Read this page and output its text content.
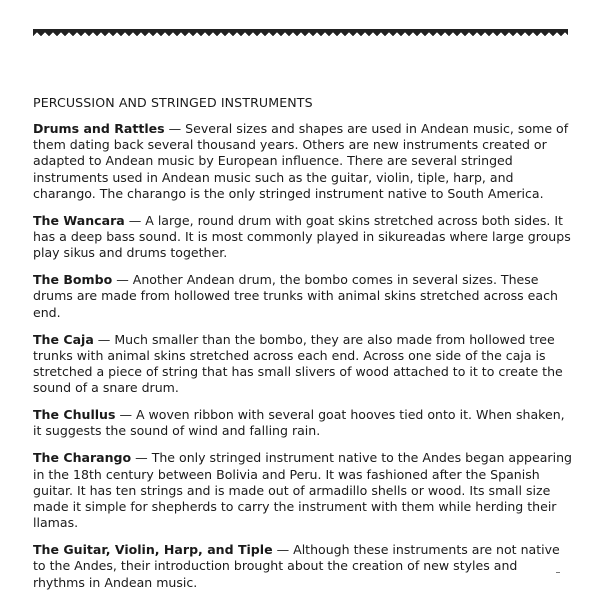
PERCUSSION AND STRINGED INSTRUMENTS

Drums and Rattles — Several sizes and shapes are used in Andean music, some of them dating back several thousand years. Others are new instruments created or adapted to Andean music by European influence. There are several stringed instruments used in Andean music such as the guitar, violin, tiple, harp, and charango. The charango is the only stringed instrument native to South America.

The Wancara — A large, round drum with goat skins stretched across both sides. It has a deep bass sound. It is most commonly played in sikureadas where large groups play sikus and drums together.

The Bombo — Another Andean drum, the bombo comes in several sizes. These drums are made from hollowed tree trunks with animal skins stretched across each end.

The Caja — Much smaller than the bombo, they are also made from hollowed tree trunks with animal skins stretched across each end. Across one side of the caja is stretched a piece of string that has small slivers of wood attached to it to create the sound of a snare drum.

The Chullus — A woven ribbon with several goat hooves tied onto it. When shaken, it suggests the sound of wind and falling rain.

The Charango — The only stringed instrument native to the Andes began appearing in the 18th century between Bolivia and Peru. It was fashioned after the Spanish guitar. It has ten strings and is made out of armadillo shells or wood. Its small size made it simple for shepherds to carry the instrument with them while herding their llamas.

The Guitar, Violin, Harp, and Tiple — Although these instruments are not native to the Andes, their introduction brought about the creation of new styles and rhythms in Andean music.
